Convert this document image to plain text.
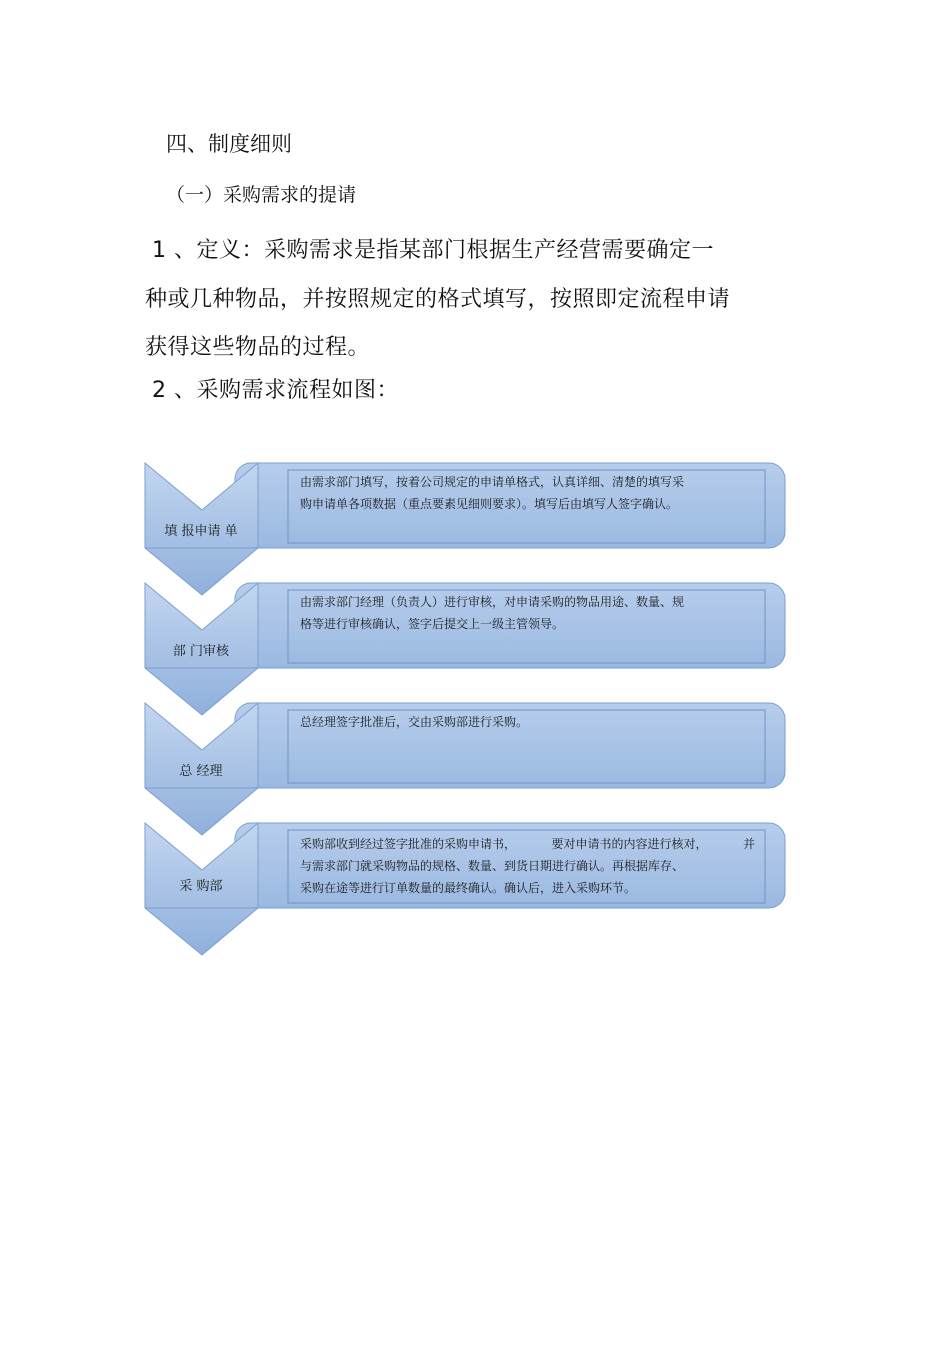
四、制度细则
（一）采购需求的提请
1 、定义：采购需求是指某部门根据生产经营需要确定一
种或几种物品，并按照规定的格式填写，按照即定流程申请
获得这些物品的过程。
2 、采购需求流程如图：
填 报申请 单
部 门审核
总 经理
采 购部
由需求部门填写，按着公司规定的申请单格式，认真详细、清楚的填写采
购申请单各项数据（重点要素见细则要求）。填写后由填写人签字确认。
由需求部门经理（负责人）进行审核，对申请采购的物品用途、数量、规
格等进行审核确认，签字后提交上一级主管领导。
总经理签字批准后，交由采购部进行采购。
采购部收到经过签字批准的采购申请书，	要对申请书的内容进行核对，	并
与需求部门就采购物品的规格、数量、到货日期进行确认。再根据库存、
采购在途等进行订单数量的最终确认。确认后，进入采购环节。
